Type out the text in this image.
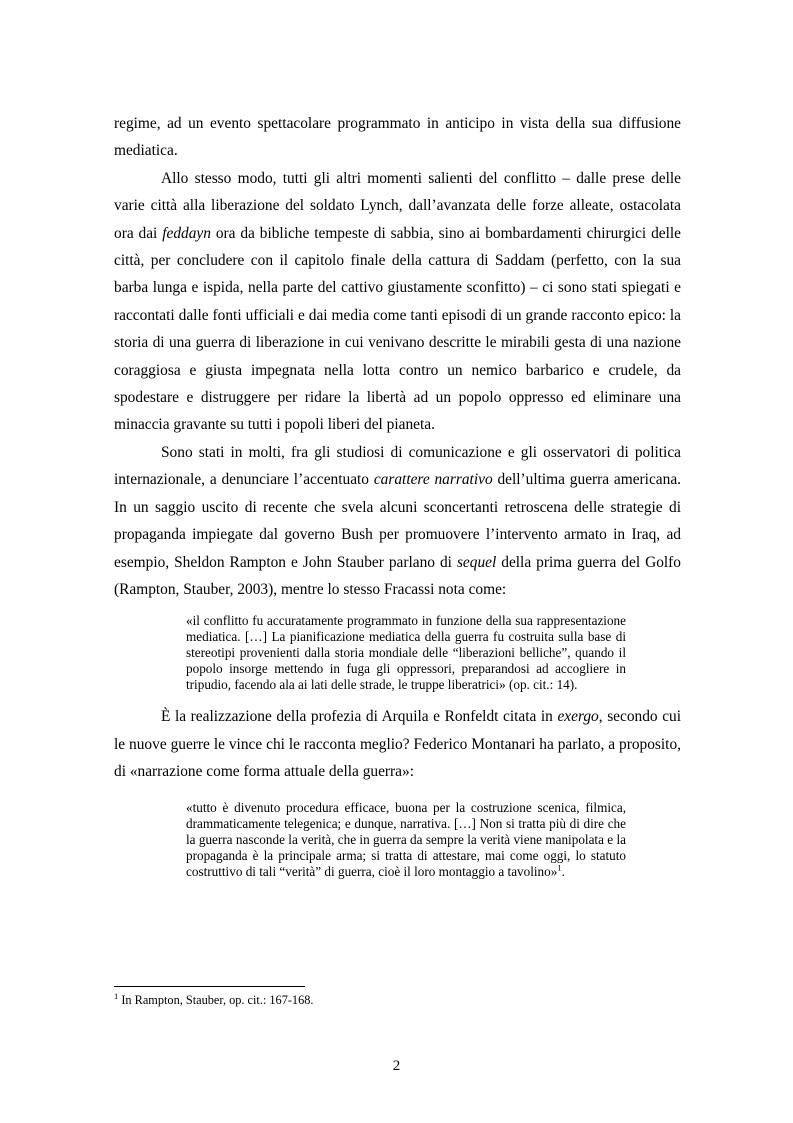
regime, ad un evento spettacolare programmato in anticipo in vista della sua diffusione mediatica.

Allo stesso modo, tutti gli altri momenti salienti del conflitto – dalle prese delle varie città alla liberazione del soldato Lynch, dall’avanzata delle forze alleate, ostacolata ora dai feddayn ora da bibliche tempeste di sabbia, sino ai bombardamenti chirurgici delle città, per concludere con il capitolo finale della cattura di Saddam (perfetto, con la sua barba lunga e ispida, nella parte del cattivo giustamente sconfitto) – ci sono stati spiegati e raccontati dalle fonti ufficiali e dai media come tanti episodi di un grande racconto epico: la storia di una guerra di liberazione in cui venivano descritte le mirabili gesta di una nazione coraggiosa e giusta impegnata nella lotta contro un nemico barbarico e crudele, da spodestare e distruggere per ridare la libertà ad un popolo oppresso ed eliminare una minaccia gravante su tutti i popoli liberi del pianeta.

Sono stati in molti, fra gli studiosi di comunicazione e gli osservatori di politica internazionale, a denunciare l’accentuato carattere narrativo dell’ultima guerra americana. In un saggio uscito di recente che svela alcuni sconcertanti retroscena delle strategie di propaganda impiegate dal governo Bush per promuovere l’intervento armato in Iraq, ad esempio, Sheldon Rampton e John Stauber parlano di sequel della prima guerra del Golfo (Rampton, Stauber, 2003), mentre lo stesso Fracassi nota come:

«il conflitto fu accuratamente programmato in funzione della sua rappresentazione mediatica. […] La pianificazione mediatica della guerra fu costruita sulla base di stereotipi provenienti dalla storia mondiale delle “liberazioni belliche”, quando il popolo insorge mettendo in fuga gli oppressori, preparandosi ad accogliere in tripudio, facendo ala ai lati delle strade, le truppe liberatrici» (op. cit.: 14).

È la realizzazione della profezia di Arquila e Ronfeldt citata in exergo, secondo cui le nuove guerre le vince chi le racconta meglio? Federico Montanari ha parlato, a proposito, di «narrazione come forma attuale della guerra»:

«tutto è divenuto procedura efficace, buona per la costruzione scenica, filmica, drammaticamente telegenica; e dunque, narrativa. […] Non si tratta più di dire che la guerra nasconde la verità, che in guerra da sempre la verità viene manipolata e la propaganda è la principale arma; si tratta di attestare, mai come oggi, lo statuto costruttivo di tali “verità” di guerra, cioè il loro montaggio a tavolino»$^1$.
$^1$ In Rampton, Stauber, op. cit.: 167-168.
2
